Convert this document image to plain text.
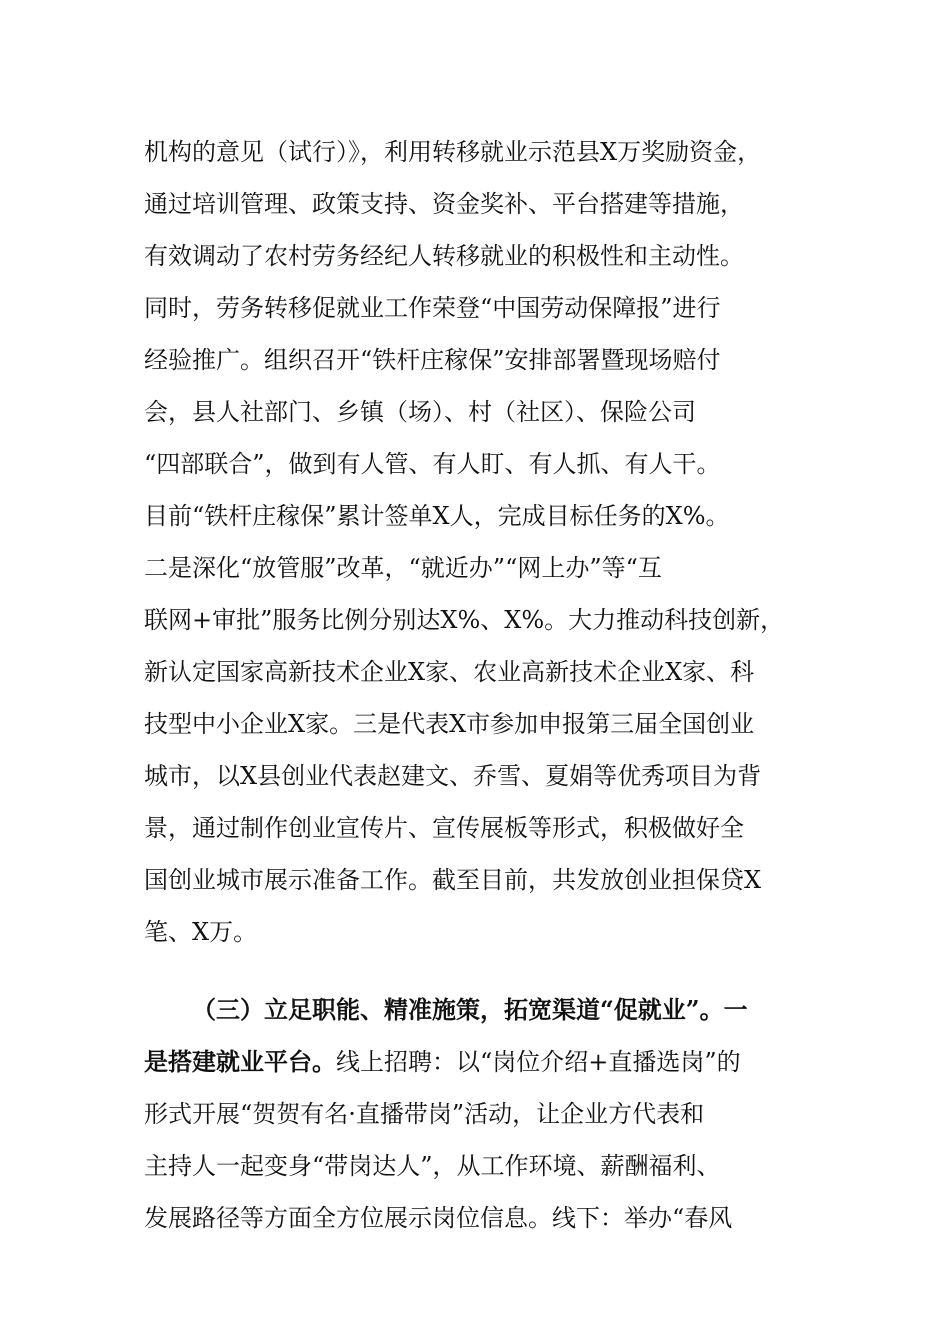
机构的意见（试行）》，利用转移就业示范县X万奖励资金，
通过培训管理、政策支持、资金奖补、平台搭建等措施，
有效调动了农村劳务经纪人转移就业的积极性和主动性。
同时，劳务转移促就业工作荣登“中国劳动保障报”进行
经验推广。组织召开“铁杆庄稼保”安排部署暨现场赔付
会，县人社部门、乡镇（场）、村（社区）、保险公司
“四部联合”，做到有人管、有人盯、有人抓、有人干。
目前“铁杆庄稼保”累计签单X人，完成目标任务的X%。
二是深化“放管服”改革，“就近办”“网上办”等“互
联网+审批”服务比例分别达X%、X%。大力推动科技创新，
新认定国家高新技术企业X家、农业高新技术企业X家、科
技型中小企业X家。三是代表X市参加申报第三届全国创业
城市，以X县创业代表赵建文、乔雪、夏娟等优秀项目为背
景，通过制作创业宣传片、宣传展板等形式，积极做好全
国创业城市展示准备工作。截至目前，共发放创业担保贷X
笔、X万。
（三）立足职能、精准施策，拓宽渠道“促就业”。一
是搭建就业平台。线上招聘：以“岗位介绍+直播选岗”的
形式开展“贺贺有名·直播带岗”活动，让企业方代表和
主持人一起变身“带岗达人”，从工作环境、薪酬福利、
发展路径等方面全方位展示岗位信息。线下：举办“春风
